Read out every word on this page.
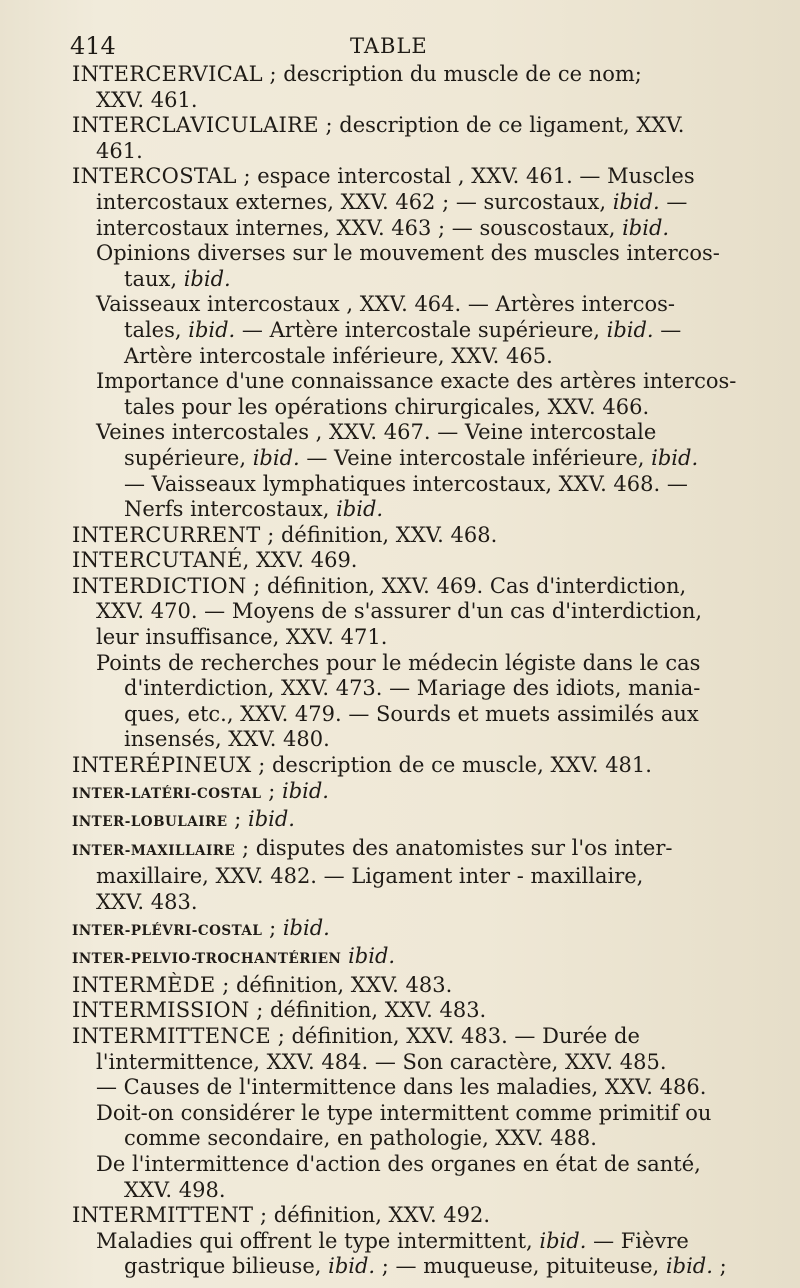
414	TABLE
INTERCERVICAL ; description du muscle de ce nom;
XXV. 461.
INTERCLAVICULAIRE ; description de ce ligament, XXV.
461.
INTERCOSTAL ; espace intercostal , XXV. 461. — Muscles
intercostaux externes, XXV. 462 ; — surcostaux, ibid. —
intercostaux internes, XXV. 463 ; — souscostaux, ibid.
Opinions diverses sur le mouvement des muscles intercos-
taux, ibid.
Vaisseaux intercostaux , XXV. 464. — Artères intercos-
tales, ibid. — Artère intercostale supérieure, ibid. —
Artère intercostale inférieure, XXV. 465.
Importance d'une connaissance exacte des artères intercos-
tales pour les opérations chirurgicales, XXV. 466.
Veines intercostales , XXV. 467. — Veine intercostale
supérieure, ibid. — Veine intercostale inférieure, ibid.
— Vaisseaux lymphatiques intercostaux, XXV. 468. —
Nerfs intercostaux, ibid.
INTERCURRENT ; définition, XXV. 468.
INTERCUTANÉ, XXV. 469.
INTERDICTION ; définition, XXV. 469. Cas d'interdiction,
XXV. 470. — Moyens de s'assurer d'un cas d'interdiction,
leur insuffisance, XXV. 471.
Points de recherches pour le médecin légiste dans le cas
d'interdiction, XXV. 473. — Mariage des idiots, mania-
ques, etc., XXV. 479. — Sourds et muets assimilés aux
insensés, XXV. 480.
INTERÉPINEUX ; description de ce muscle, XXV. 481.
INTER-LATÉRI-COSTAL ; ibid.
INTER-LOBULAIRE ; ibid.
INTER-MAXILLAIRE ; disputes des anatomistes sur l'os inter-
maxillaire, XXV. 482. — Ligament inter - maxillaire,
XXV. 483.
INTER-PLÉVRI-COSTAL ; ibid.
INTER-PELVIO-TROCHANTÉRIEN ibid.
INTERMÈDE ; définition, XXV. 483.
INTERMISSION ; définition, XXV. 483.
INTERMITTENCE ; définition, XXV. 483. — Durée de
l'intermittence, XXV. 484. — Son caractère, XXV. 485.
— Causes de l'intermittence dans les maladies, XXV. 486.
Doit-on considérer le type intermittent comme primitif ou
comme secondaire, en pathologie, XXV. 488.
De l'intermittence d'action des organes en état de santé,
XXV. 498.
INTERMITTENT ; définition, XXV. 492.
Maladies qui offrent le type intermittent, ibid. — Fièvre
gastrique bilieuse, ibid. ; — muqueuse, pituiteuse, ibid. ;
